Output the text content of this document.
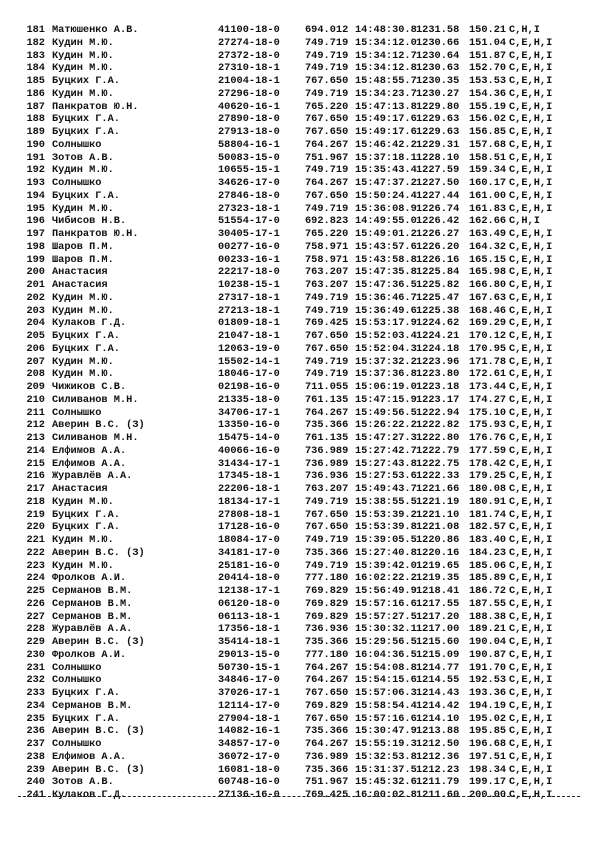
181 Матюшенко А.В.	41100-18-0 694.012 14:48:30.8 1231.58 150.21 C,H,I
182 Кудин М.Ю.	27274-18-0 749.719 15:34:12.0 1230.66 151.04 C,E,H,I
183 Кудин М.Ю.	27372-18-0 749.719 15:34:12.7 1230.64 151.87 C,E,H,I
184 Кудин М.Ю.	27310-18-1 749.719 15:34:12.8 1230.63 152.70 C,E,H,I
185 Буцких Г.А.	21004-18-1 767.650 15:48:55.7 1230.35 153.53 C,E,H,I
186 Кудин М.Ю.	27296-18-0 749.719 15:34:23.7 1230.27 154.36 C,E,H,I
187 Панкратов Ю.Н.	40620-16-1 765.220 15:47:13.8 1229.80 155.19 C,E,H,I
188 Буцких Г.А.	27890-18-0 767.650 15:49:17.6 1229.63 156.02 C,E,H,I
189 Буцких Г.А.	27913-18-0 767.650 15:49:17.6 1229.63 156.85 C,E,H,I
190 Солнышко	58804-16-1 764.267 15:46:42.2 1229.31 157.68 C,E,H,I
191 Зотов А.В.	50083-15-0 751.967 15:37:18.1 1228.10 158.51 C,E,H,I
192 Кудин М.Ю.	10655-15-1 749.719 15:35:43.4 1227.59 159.34 C,E,H,I
193 Солнышко	34626-17-0 764.267 15:47:37.2 1227.50 160.17 C,E,H,I
194 Буцких Г.А.	27846-18-0 767.650 15:50:24.4 1227.44 161.00 C,E,H,I
195 Кудин М.Ю.	27323-18-1 749.719 15:36:08.9 1226.74 161.83 C,E,H,I
196 Чибисов Н.В.	51554-17-0 692.823 14:49:55.0 1226.42 162.66 C,H,I
197 Панкратов Ю.Н.	30405-17-1 765.220 15:49:01.2 1226.27 163.49 C,E,H,I
198 Шаров П.М.	00277-16-0 758.971 15:43:57.6 1226.20 164.32 C,E,H,I
199 Шаров П.М.	00233-16-1 758.971 15:43:58.8 1226.16 165.15 C,E,H,I
200 Анастасия	22217-18-0 763.207 15:47:35.8 1225.84 165.98 C,E,H,I
201 Анастасия	10238-15-1 763.207 15:47:36.5 1225.82 166.80 C,E,H,I
202 Кудин М.Ю.	27317-18-1 749.719 15:36:46.7 1225.47 167.63 C,E,H,I
203 Кудин М.Ю.	27213-18-1 749.719 15:36:49.6 1225.38 168.46 C,E,H,I
204 Кулаков Г.Д.	01809-18-1 769.425 15:53:17.9 1224.62 169.29 C,E,H,I
205 Буцких Г.А.	21047-18-1 767.650 15:52:03.4 1224.21 170.12 C,E,H,I
206 Буцких Г.А.	12063-19-0 767.650 15:52:04.3 1224.18 170.95 C,E,H,I
207 Кудин М.Ю.	15502-14-1 749.719 15:37:32.2 1223.96 171.78 C,E,H,I
208 Кудин М.Ю.	18046-17-0 749.719 15:37:36.8 1223.80 172.61 C,E,H,I
209 Чижиков С.В.	02198-16-0 711.055 15:06:19.0 1223.18 173.44 C,E,H,I
210 Силиванов М.Н.	21335-18-0 761.135 15:47:15.9 1223.17 174.27 C,E,H,I
211 Солнышко	34706-17-1 764.267 15:49:56.5 1222.94 175.10 C,E,H,I
212 Аверин В.С. (З)	13350-16-0 735.366 15:26:22.2 1222.82 175.93 C,E,H,I
213 Силиванов М.Н.	15475-14-0 761.135 15:47:27.3 1222.80 176.76 C,E,H,I
214 Елфимов А.А.	40066-16-0 736.989 15:27:42.7 1222.79 177.59 C,E,H,I
215 Елфимов А.А.	31434-17-1 736.989 15:27:43.8 1222.75 178.42 C,E,H,I
216 Журавлёв А.А.	17345-18-1 736.936 15:27:53.6 1222.33 179.25 C,E,H,I
217 Анастасия	22206-18-1 763.207 15:49:43.7 1221.66 180.08 C,E,H,I
218 Кудин М.Ю.	18134-17-1 749.719 15:38:55.5 1221.19 180.91 C,E,H,I
219 Буцких Г.А.	27808-18-1 767.650 15:53:39.2 1221.10 181.74 C,E,H,I
220 Буцких Г.А.	17128-16-0 767.650 15:53:39.8 1221.08 182.57 C,E,H,I
221 Кудин М.Ю.	18084-17-0 749.719 15:39:05.5 1220.86 183.40 C,E,H,I
222 Аверин В.С. (З)	34181-17-0 735.366 15:27:40.8 1220.16 184.23 C,E,H,I
223 Кудин М.Ю.	25181-16-0 749.719 15:39:42.0 1219.65 185.06 C,E,H,I
224 Фролков А.И.	20414-18-0 777.180 16:02:22.2 1219.35 185.89 C,E,H,I
225 Серманов В.М.	12138-17-1 769.829 15:56:49.9 1218.41 186.72 C,E,H,I
226 Серманов В.М.	06120-18-0 769.829 15:57:16.6 1217.55 187.55 C,E,H,I
227 Серманов В.М.	06113-18-1 769.829 15:57:27.5 1217.20 188.38 C,E,H,I
228 Журавлёв А.А.	17356-18-1 736.936 15:30:32.1 1217.00 189.21 C,E,H,I
229 Аверин В.С. (З)	35414-18-1 735.366 15:29:56.5 1215.60 190.04 C,E,H,I
230 Фролков А.И.	29013-15-0 777.180 16:04:36.5 1215.09 190.87 C,E,H,I
231 Солнышко	50730-15-1 764.267 15:54:08.8 1214.77 191.70 C,E,H,I
232 Солнышко	34846-17-0 764.267 15:54:15.6 1214.55 192.53 C,E,H,I
233 Буцких Г.А.	37026-17-1 767.650 15:57:06.3 1214.43 193.36 C,E,H,I
234 Серманов В.М.	12114-17-0 769.829 15:58:54.4 1214.42 194.19 C,E,H,I
235 Буцких Г.А.	27904-18-1 767.650 15:57:16.6 1214.10 195.02 C,E,H,I
236 Аверин В.С. (З)	14082-16-1 735.366 15:30:47.9 1213.88 195.85 C,E,H,I
237 Солнышко	34857-17-0 764.267 15:55:19.3 1212.50 196.68 C,E,H,I
238 Елфимов А.А.	36072-17-0 736.989 15:32:53.8 1212.36 197.51 C,E,H,I
239 Аверин В.С. (З)	16081-18-0 735.366 15:31:37.5 1212.23 198.34 C,E,H,I
240 Зотов А.В.	60748-16-0 751.967 15:45:32.6 1211.79 199.17 C,E,H,I
241 Кулаков Г.Д.	27136-16-0 769.425 16:00:02.8 1211.60 200.00 C,E,H,I
